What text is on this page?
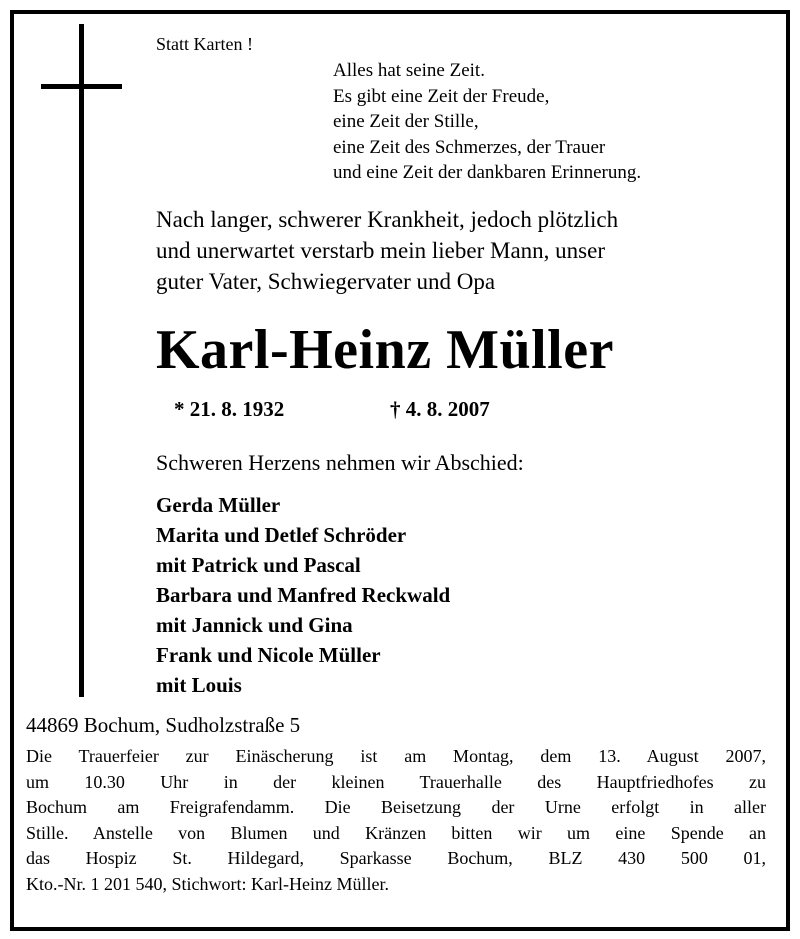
Statt Karten !
Alles hat seine Zeit.
Es gibt eine Zeit der Freude,
eine Zeit der Stille,
eine Zeit des Schmerzes, der Trauer
und eine Zeit der dankbaren Erinnerung.
Nach langer, schwerer Krankheit, jedoch plötzlich
und unerwartet verstarb mein lieber Mann, unser
guter Vater, Schwiegervater und Opa
Karl-Heinz Müller
* 21. 8. 1932	† 4. 8. 2007
Schweren Herzens nehmen wir Abschied:
Gerda Müller
Marita und Detlef Schröder
mit Patrick und Pascal
Barbara und Manfred Reckwald
mit Jannick und Gina
Frank und Nicole Müller
mit Louis
44869 Bochum, Sudholzstraße 5
Die Trauerfeier zur Einäscherung ist am Montag, dem 13. August 2007,
um 10.30 Uhr in der kleinen Trauerhalle des Hauptfriedhofes zu
Bochum am Freigrafendamm. Die Beisetzung der Urne erfolgt in aller
Stille. Anstelle von Blumen und Kränzen bitten wir um eine Spende an
das Hospiz St. Hildegard, Sparkasse Bochum, BLZ 430 500 01,
Kto.-Nr. 1 201 540, Stichwort: Karl-Heinz Müller.
